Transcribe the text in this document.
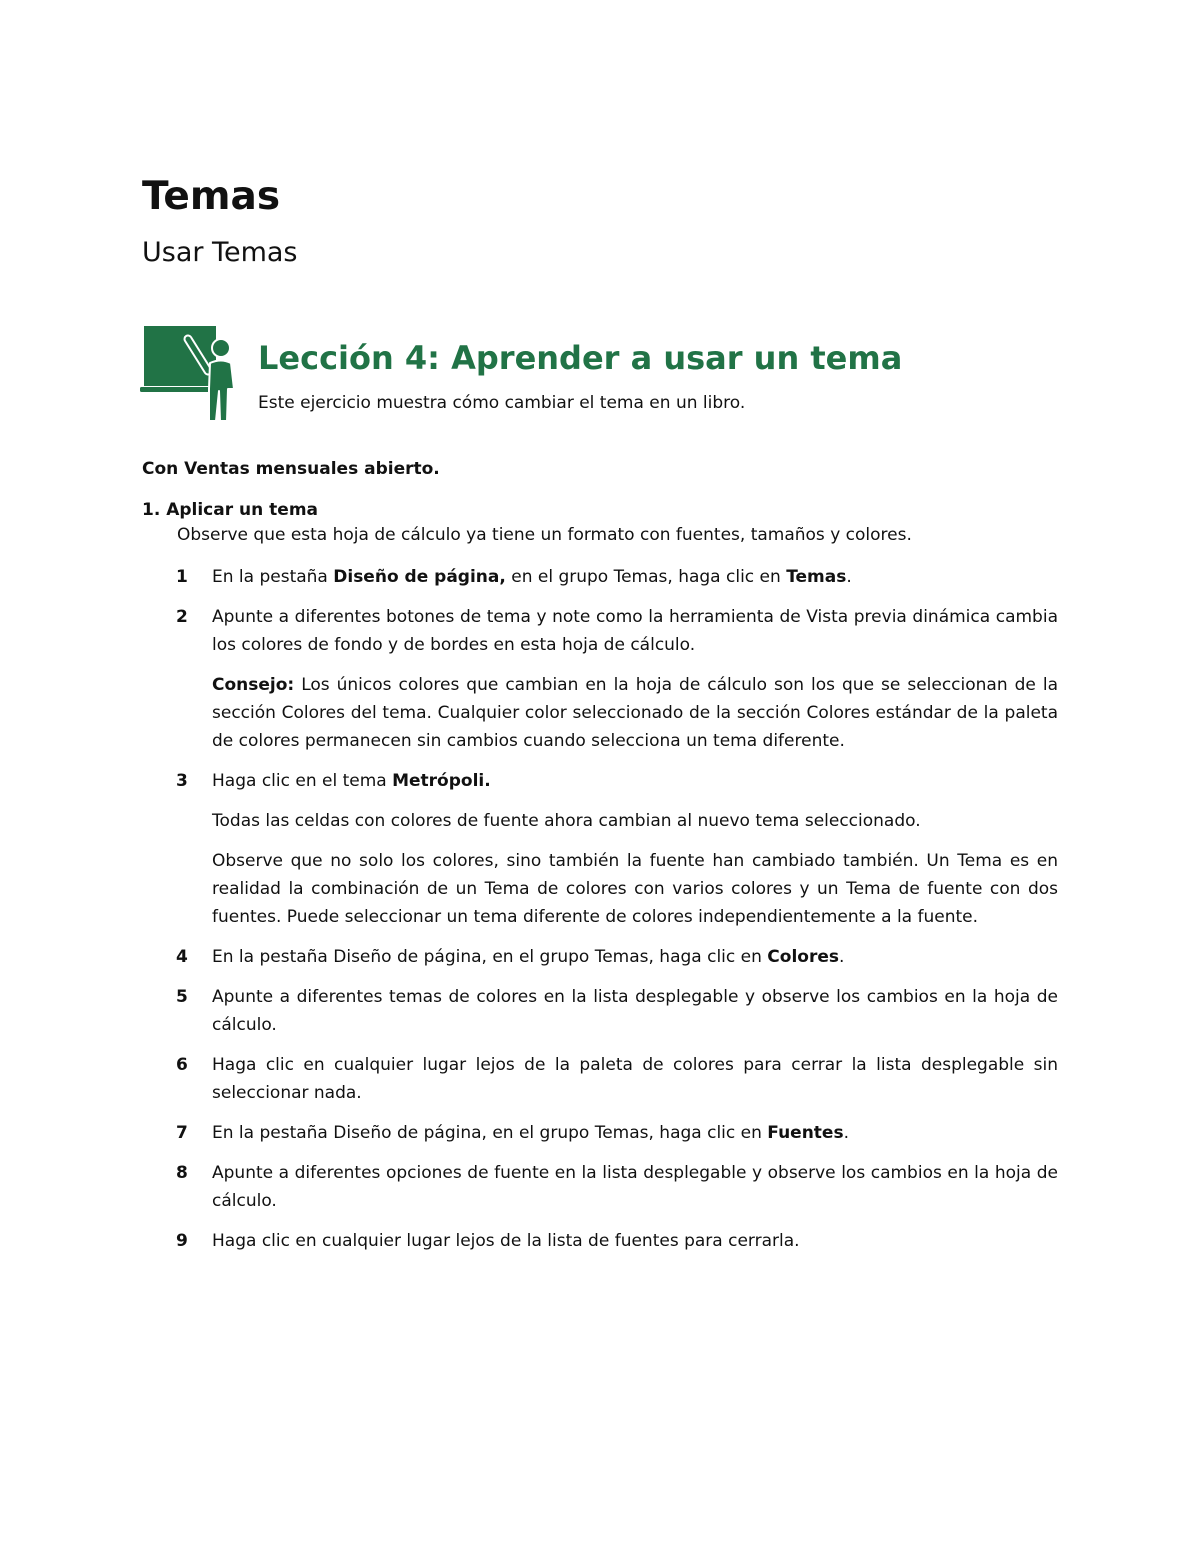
Temas
Usar Temas
Lección 4: Aprender a usar un tema

Este ejercicio muestra cómo cambiar el tema en un libro.

Con Ventas mensuales abierto.

1. Aplicar un tema

Observe que esta hoja de cálculo ya tiene un formato con fuentes, tamaños y colores.

1	En la pestaña Diseño de página, en el grupo Temas, haga clic en Temas.

2	Apunte a diferentes botones de tema y note como la herramienta de Vista previa dinámica cambia los colores de fondo y de bordes en esta hoja de cálculo.

Consejo: Los únicos colores que cambian en la hoja de cálculo son los que se seleccionan de la sección Colores del tema. Cualquier color seleccionado de la sección Colores estándar de la paleta de colores permanecen sin cambios cuando selecciona un tema diferente.

3	Haga clic en el tema Metrópoli.

Todas las celdas con colores de fuente ahora cambian al nuevo tema seleccionado.

Observe que no solo los colores, sino también la fuente han cambiado también. Un Tema es en realidad la combinación de un Tema de colores con varios colores y un Tema de fuente con dos fuentes. Puede seleccionar un tema diferente de colores independientemente a la fuente.

4	En la pestaña Diseño de página, en el grupo Temas, haga clic en Colores.

5	Apunte a diferentes temas de colores en la lista desplegable y observe los cambios en la hoja de cálculo.

6	Haga clic en cualquier lugar lejos de la paleta de colores para cerrar la lista desplegable sin seleccionar nada.

7	En la pestaña Diseño de página, en el grupo Temas, haga clic en Fuentes.

8	Apunte a diferentes opciones de fuente en la lista desplegable y observe los cambios en la hoja de cálculo.

9	Haga clic en cualquier lugar lejos de la lista de fuentes para cerrarla.
